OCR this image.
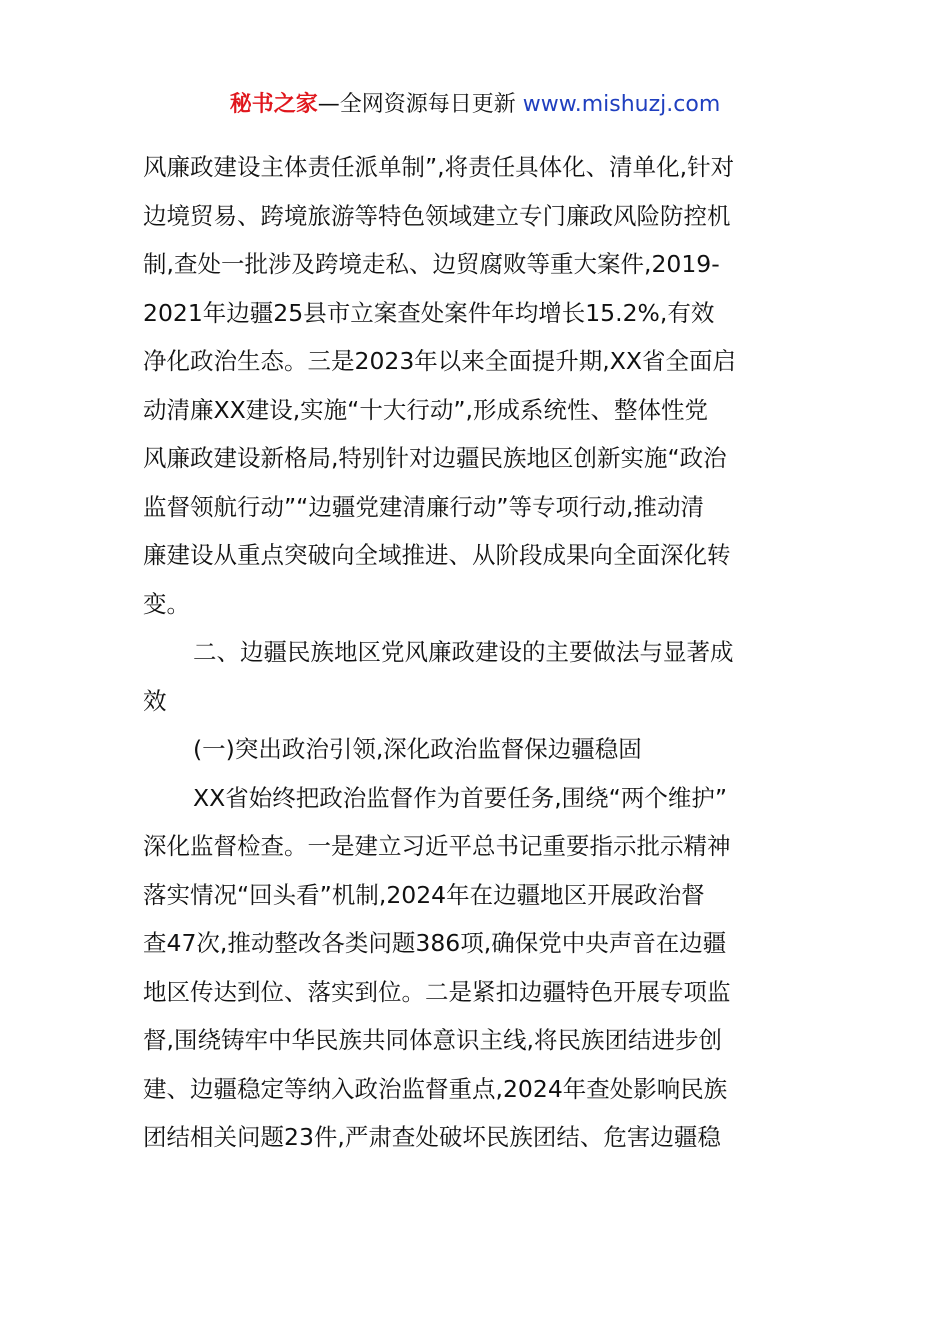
秘书之家—全网资源每日更新 www.mishuzj.com
风廉政建设主体责任派单制”,将责任具体化、清单化,针对
边境贸易、跨境旅游等特色领域建立专门廉政风险防控机
制,查处一批涉及跨境走私、边贸腐败等重大案件,2019-
2021年边疆25县市立案查处案件年均增长15.2%,有效
净化政治生态。三是2023年以来全面提升期,XX省全面启
动清廉XX建设,实施“十大行动”,形成系统性、整体性党
风廉政建设新格局,特别针对边疆民族地区创新实施“政治
监督领航行动”“边疆党建清廉行动”等专项行动,推动清
廉建设从重点突破向全域推进、从阶段成果向全面深化转
变。
二、边疆民族地区党风廉政建设的主要做法与显著成
效
(一)突出政治引领,深化政治监督保边疆稳固
XX省始终把政治监督作为首要任务,围绕“两个维护”
深化监督检查。一是建立习近平总书记重要指示批示精神
落实情况“回头看”机制,2024年在边疆地区开展政治督
查47次,推动整改各类问题386项,确保党中央声音在边疆
地区传达到位、落实到位。二是紧扣边疆特色开展专项监
督,围绕铸牢中华民族共同体意识主线,将民族团结进步创
建、边疆稳定等纳入政治监督重点,2024年查处影响民族
团结相关问题23件,严肃查处破坏民族团结、危害边疆稳
